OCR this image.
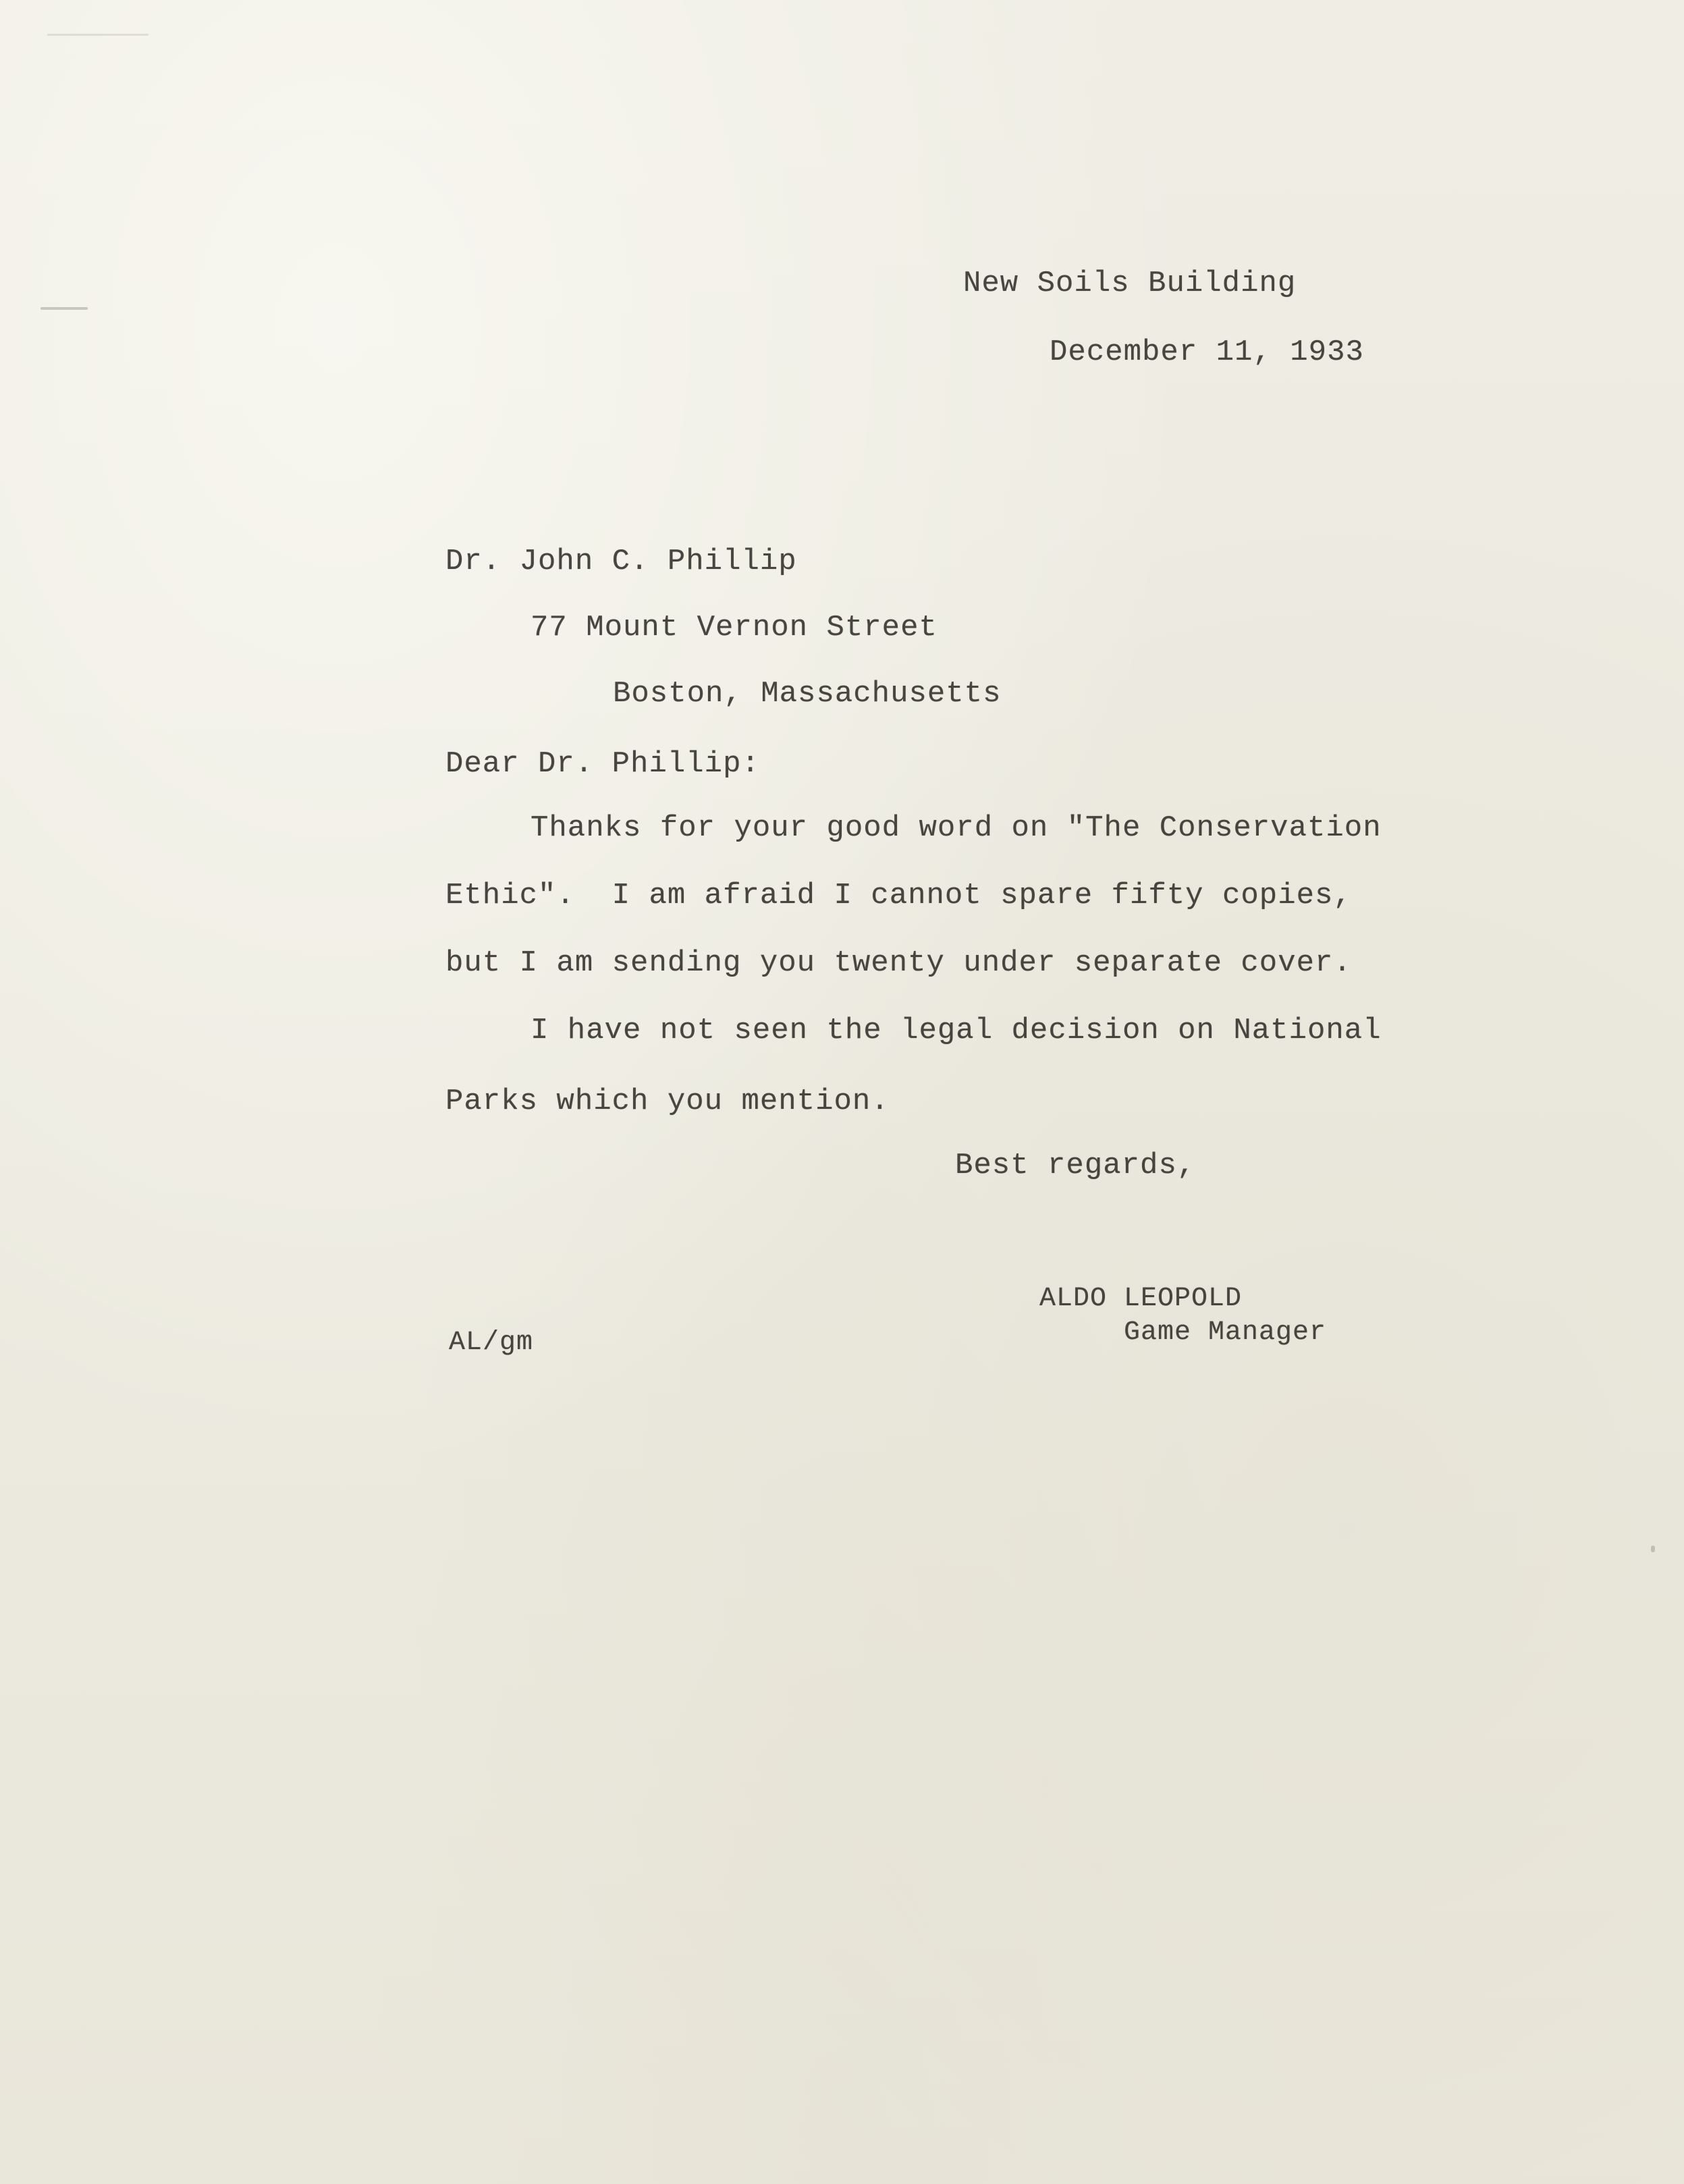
New Soils Building
December 11, 1933
Dr. John C. Phillip
77 Mount Vernon Street
Boston, Massachusetts
Dear Dr. Phillip:
Thanks for your good word on "The Conservation
Ethic".  I am afraid I cannot spare fifty copies,
but I am sending you twenty under separate cover.
I have not seen the legal decision on National
Parks which you mention.
Best regards,
ALDO LEOPOLD
Game Manager
AL/gm
